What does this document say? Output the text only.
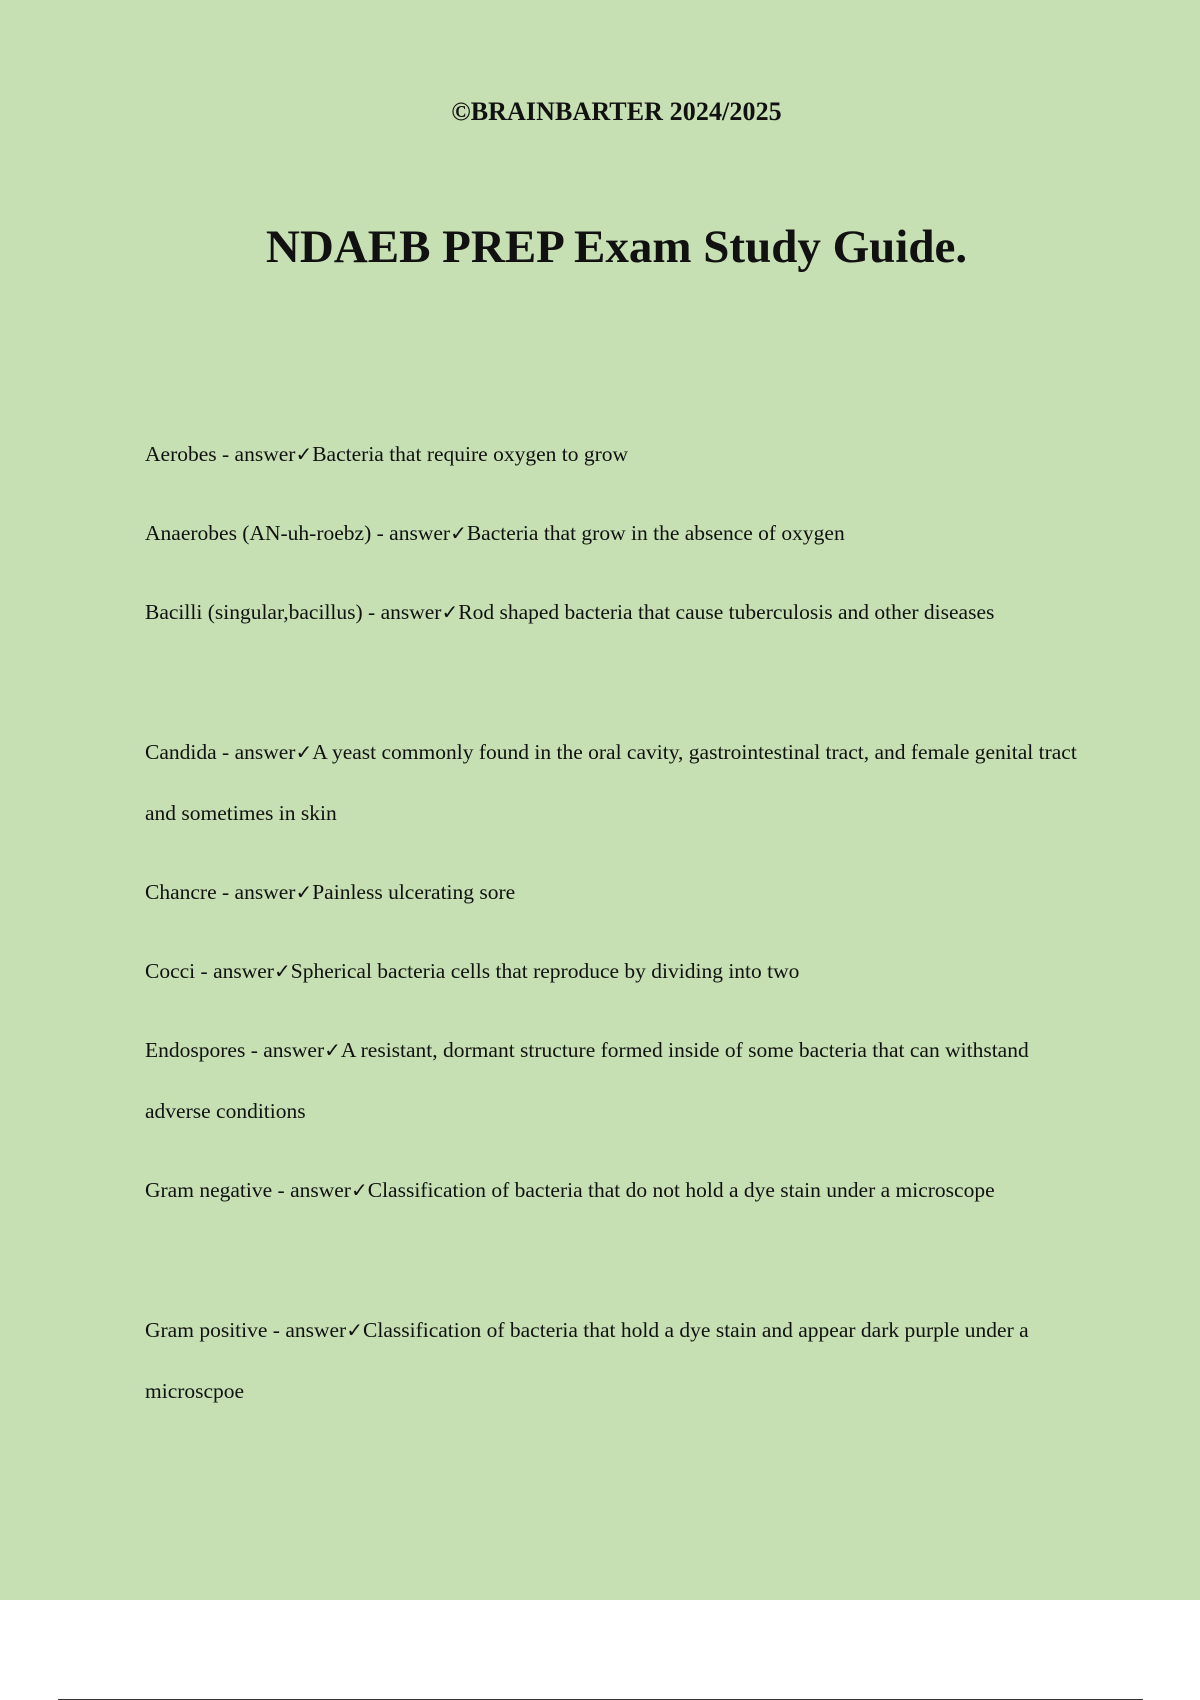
©BRAINBARTER 2024/2025
NDAEB PREP Exam Study Guide.
Aerobes - answer✓Bacteria that require oxygen to grow
Anaerobes (AN-uh-roebz) - answer✓Bacteria that grow in the absence of oxygen
Bacilli (singular,bacillus) - answer✓Rod shaped bacteria that cause tuberculosis and other diseases
Candida - answer✓A yeast commonly found in the oral cavity, gastrointestinal tract, and female genital tract and sometimes in skin
Chancre - answer✓Painless ulcerating sore
Cocci - answer✓Spherical bacteria cells that reproduce by dividing into two
Endospores - answer✓A resistant, dormant structure formed inside of some bacteria that can withstand adverse conditions
Gram negative - answer✓Classification of bacteria that do not hold a dye stain under a microscope
Gram positive - answer✓Classification of bacteria that hold a dye stain and appear dark purple under a microscpoe
